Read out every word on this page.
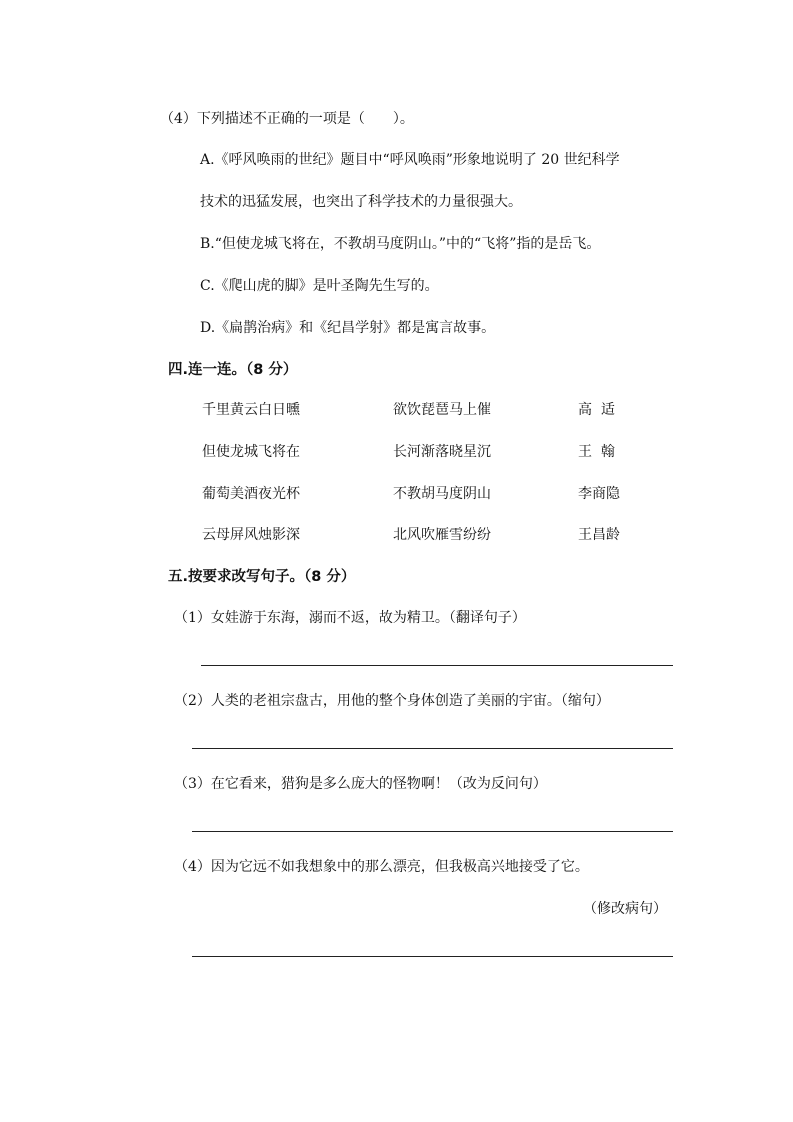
（4）下列描述不正确的一项是（　　）。
A.《呼风唤雨的世纪》题目中“呼风唤雨”形象地说明了 20 世纪科学
技术的迅猛发展，也突出了科学技术的力量很强大。
B.“但使龙城飞将在，不教胡马度阴山。”中的“飞将”指的是岳飞。
C.《爬山虎的脚》是叶圣陶先生写的。
D.《扁鹊治病》和《纪昌学射》都是寓言故事。
四.连一连。（8 分）
千里黄云白日曛	欲饮琵琶马上催	高  适
但使龙城飞将在	长河渐落晓星沉	王  翰
葡萄美酒夜光杯	不教胡马度阴山	李商隐
云母屏风烛影深	北风吹雁雪纷纷	王昌龄
五.按要求改写句子。（8 分）
（1）女娃游于东海，溺而不返，故为精卫。（翻译句子）
（2）人类的老祖宗盘古，用他的整个身体创造了美丽的宇宙。（缩句）
（3）在它看来，猎狗是多么庞大的怪物啊！（改为反问句）
（4）因为它远不如我想象中的那么漂亮，但我极高兴地接受了它。
（修改病句）
